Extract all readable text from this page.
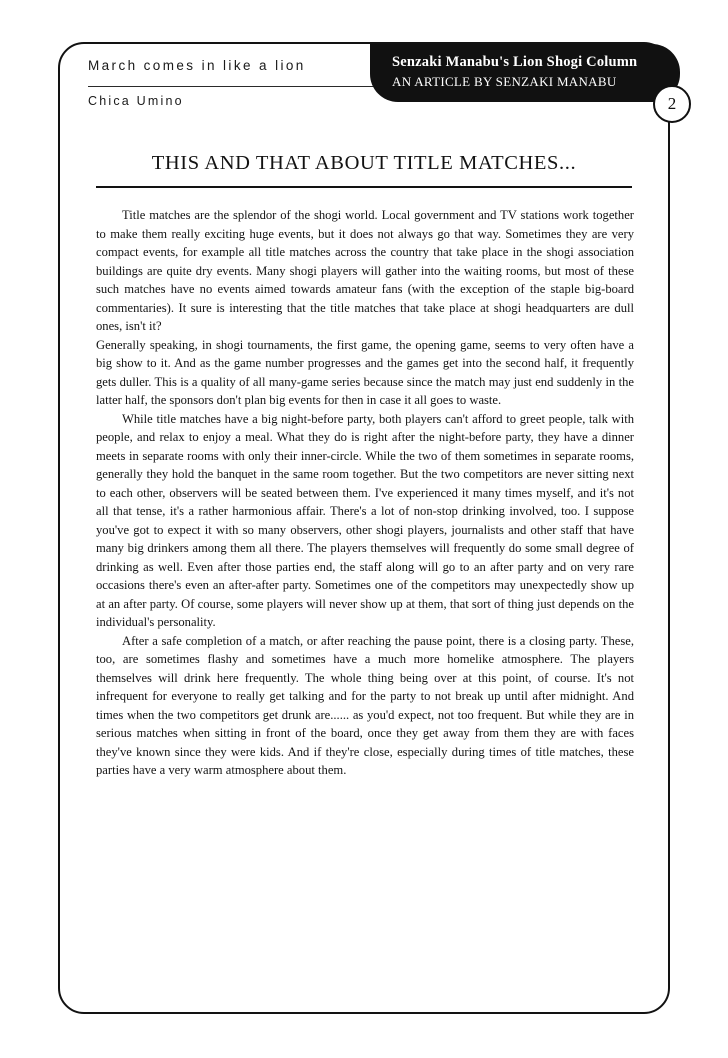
March comes in like a lion
Chica Umino
Senzaki Manabu's Lion Shogi Column
AN ARTICLE BY SENZAKI MANABU
2
THIS AND THAT ABOUT TITLE MATCHES...

Title matches are the splendor of the shogi world. Local government and TV stations work together to make them really exciting huge events, but it does not always go that way. Sometimes they are very compact events, for example all title matches across the country that take place in the shogi association buildings are quite dry events. Many shogi players will gather into the waiting rooms, but most of these such matches have no events aimed towards amateur fans (with the exception of the staple big-board commentaries). It sure is interesting that the title matches that take place at shogi headquarters are dull ones, isn't it?

Generally speaking, in shogi tournaments, the first game, the opening game, seems to very often have a big show to it. And as the game number progresses and the games get into the second half, it frequently gets duller. This is a quality of all many-game series because since the match may just end suddenly in the latter half, the sponsors don't plan big events for then in case it all goes to waste.

While title matches have a big night-before party, both players can't afford to greet people, talk with people, and relax to enjoy a meal. What they do is right after the night-before party, they have a dinner meets in separate rooms with only their inner-circle. While the two of them sometimes in separate rooms, generally they hold the banquet in the same room together. But the two competitors are never sitting next to each other, observers will be seated between them. I've experienced it many times myself, and it's not all that tense, it's a rather harmonious affair. There's a lot of non-stop drinking involved, too. I suppose you've got to expect it with so many observers, other shogi players, journalists and other staff that have many big drinkers among them all there. The players themselves will frequently do some small degree of drinking as well. Even after those parties end, the staff along will go to an after party and on very rare occasions there's even an after-after party. Sometimes one of the competitors may unexpectedly show up at an after party. Of course, some players will never show up at them, that sort of thing just depends on the individual's personality.

After a safe completion of a match, or after reaching the pause point, there is a closing party. These, too, are sometimes flashy and sometimes have a much more homelike atmosphere. The players themselves will drink here frequently. The whole thing being over at this point, of course. It's not infrequent for everyone to really get talking and for the party to not break up until after midnight. And times when the two competitors get drunk are...... as you'd expect, not too frequent. But while they are in serious matches when sitting in front of the board, once they get away from them they are with faces they've known since they were kids. And if they're close, especially during times of title matches, these parties have a very warm atmosphere about them.
